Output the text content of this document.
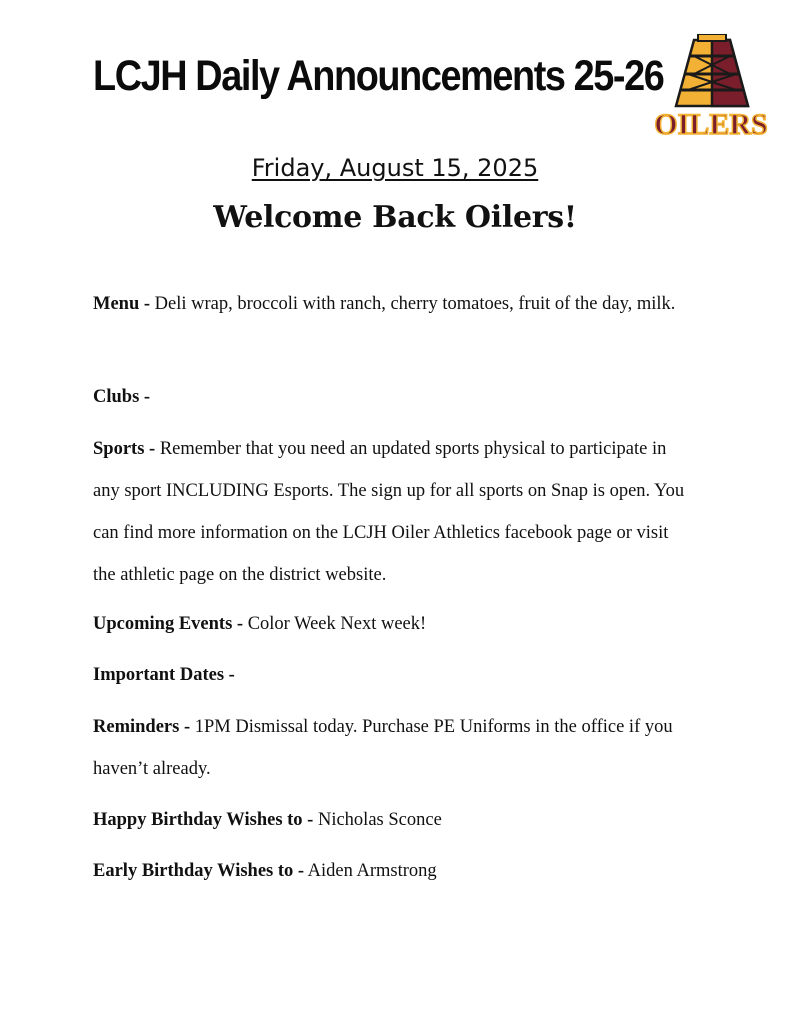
LCJH Daily Announcements 25-26
OILERS
Friday, August 15, 2025
Welcome Back Oilers!

Menu - Deli wrap, broccoli with ranch, cherry tomatoes, fruit of the day, milk.

Clubs -

Sports - Remember that you need an updated sports physical to participate in any sport INCLUDING Esports. The sign up for all sports on Snap is open. You can find more information on the LCJH Oiler Athletics facebook page or visit the athletic page on the district website.

Upcoming Events - Color Week Next week!

Important Dates -

Reminders - 1PM Dismissal today. Purchase PE Uniforms in the office if you haven’t already.

Happy Birthday Wishes to - Nicholas Sconce

Early Birthday Wishes to - Aiden Armstrong
